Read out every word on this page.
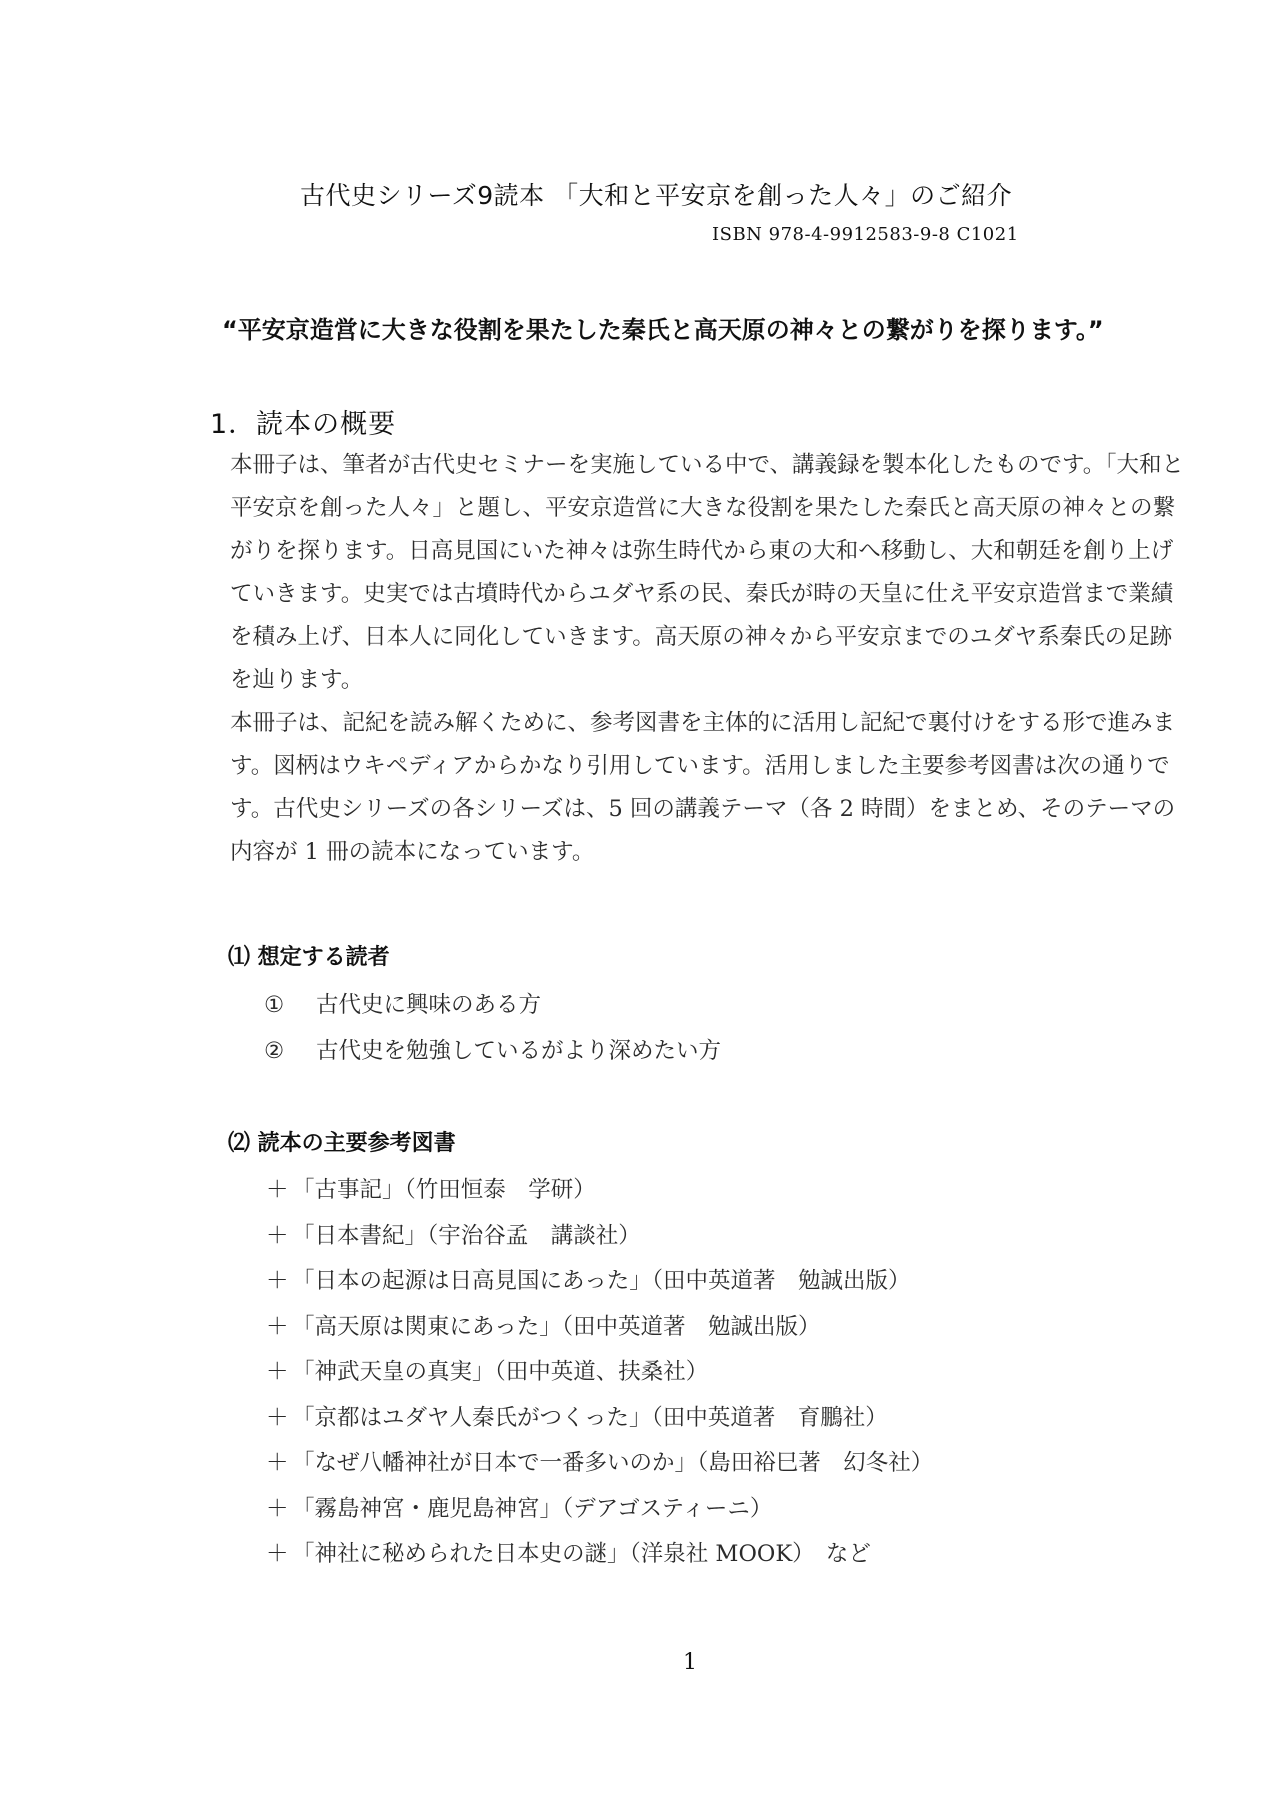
古代史シリーズ9読本 「大和と平安京を創った人々」のご紹介
ISBN 978-4-9912583-9-8 C1021
“平安京造営に大きな役割を果たした秦氏と高天原の神々との繋がりを探ります。”
1．読本の概要

本冊子は、筆者が古代史セミナーを実施している中で、講義録を製本化したものです。「大和と平安京を創った人々」と題し、平安京造営に大きな役割を果たした秦氏と高天原の神々との繋がりを探ります。日高見国にいた神々は弥生時代から東の大和へ移動し、大和朝廷を創り上げていきます。史実では古墳時代からユダヤ系の民、秦氏が時の天皇に仕え平安京造営まで業績を積み上げ、日本人に同化していきます。高天原の神々から平安京までのユダヤ系秦氏の足跡を辿ります。

本冊子は、記紀を読み解くために、参考図書を主体的に活用し記紀で裏付けをする形で進みます。図柄はウキペディアからかなり引用しています。活用しました主要参考図書は次の通りです。古代史シリーズの各シリーズは、5 回の講義テーマ（各 2 時間）をまとめ、そのテーマの内容が 1 冊の読本になっています。

⑴ 想定する読者
① 古代史に興味のある方
② 古代史を勉強しているがより深めたい方
⑵ 読本の主要参考図書
＋ 「古事記」（竹田恒泰　学研）
＋ 「日本書紀」（宇治谷孟　講談社）
＋ 「日本の起源は日高見国にあった」（田中英道著　勉誠出版）
＋ 「高天原は関東にあった」（田中英道著　勉誠出版）
＋ 「神武天皇の真実」（田中英道、扶桑社）
＋ 「京都はユダヤ人秦氏がつくった」（田中英道著　育鵬社）
＋ 「なぜ八幡神社が日本で一番多いのか」（島田裕巳著　幻冬社）
＋ 「霧島神宮・鹿児島神宮」（デアゴスティーニ）
＋ 「神社に秘められた日本史の謎」（洋泉社 MOOK）　など
1
